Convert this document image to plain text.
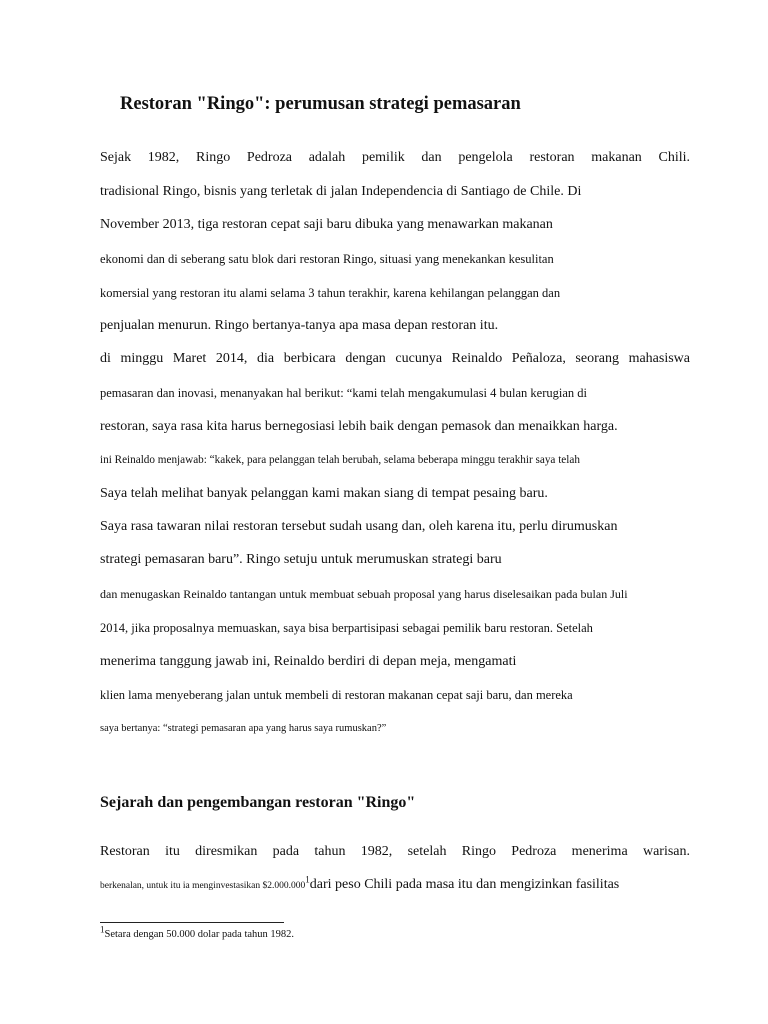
Restoran "Ringo": perumusan strategi pemasaran
Sejak 1982, Ringo Pedroza adalah pemilik dan pengelola restoran makanan Chili.
tradisional Ringo, bisnis yang terletak di jalan Independencia di Santiago de Chile. Di
November 2013, tiga restoran cepat saji baru dibuka yang menawarkan makanan
ekonomi dan di seberang satu blok dari restoran Ringo, situasi yang menekankan kesulitan
komersial yang restoran itu alami selama 3 tahun terakhir, karena kehilangan pelanggan dan
penjualan menurun. Ringo bertanya-tanya apa masa depan restoran itu.
di minggu Maret 2014, dia berbicara dengan cucunya Reinaldo Peñaloza, seorang mahasiswa
pemasaran dan inovasi, menanyakan hal berikut: “kami telah mengakumulasi 4 bulan kerugian di
restoran, saya rasa kita harus bernegosiasi lebih baik dengan pemasok dan menaikkan harga.
ini Reinaldo menjawab: “kakek, para pelanggan telah berubah, selama beberapa minggu terakhir saya telah
Saya telah melihat banyak pelanggan kami makan siang di tempat pesaing baru.
Saya rasa tawaran nilai restoran tersebut sudah usang dan, oleh karena itu, perlu dirumuskan
strategi pemasaran baru”. Ringo setuju untuk merumuskan strategi baru
dan menugaskan Reinaldo tantangan untuk membuat sebuah proposal yang harus diselesaikan pada bulan Juli
2014, jika proposalnya memuaskan, saya bisa berpartisipasi sebagai pemilik baru restoran. Setelah
menerima tanggung jawab ini, Reinaldo berdiri di depan meja, mengamati
klien lama menyeberang jalan untuk membeli di restoran makanan cepat saji baru, dan mereka
saya bertanya: “strategi pemasaran apa yang harus saya rumuskan?”
Sejarah dan pengembangan restoran "Ringo"
Restoran itu diresmikan pada tahun 1982, setelah Ringo Pedroza menerima warisan.
berkenalan, untuk itu ia menginvestasikan $2.000.000$^1$dari peso Chili pada masa itu dan mengizinkan fasilitas
$^1$Setara dengan 50.000 dolar pada tahun 1982.
